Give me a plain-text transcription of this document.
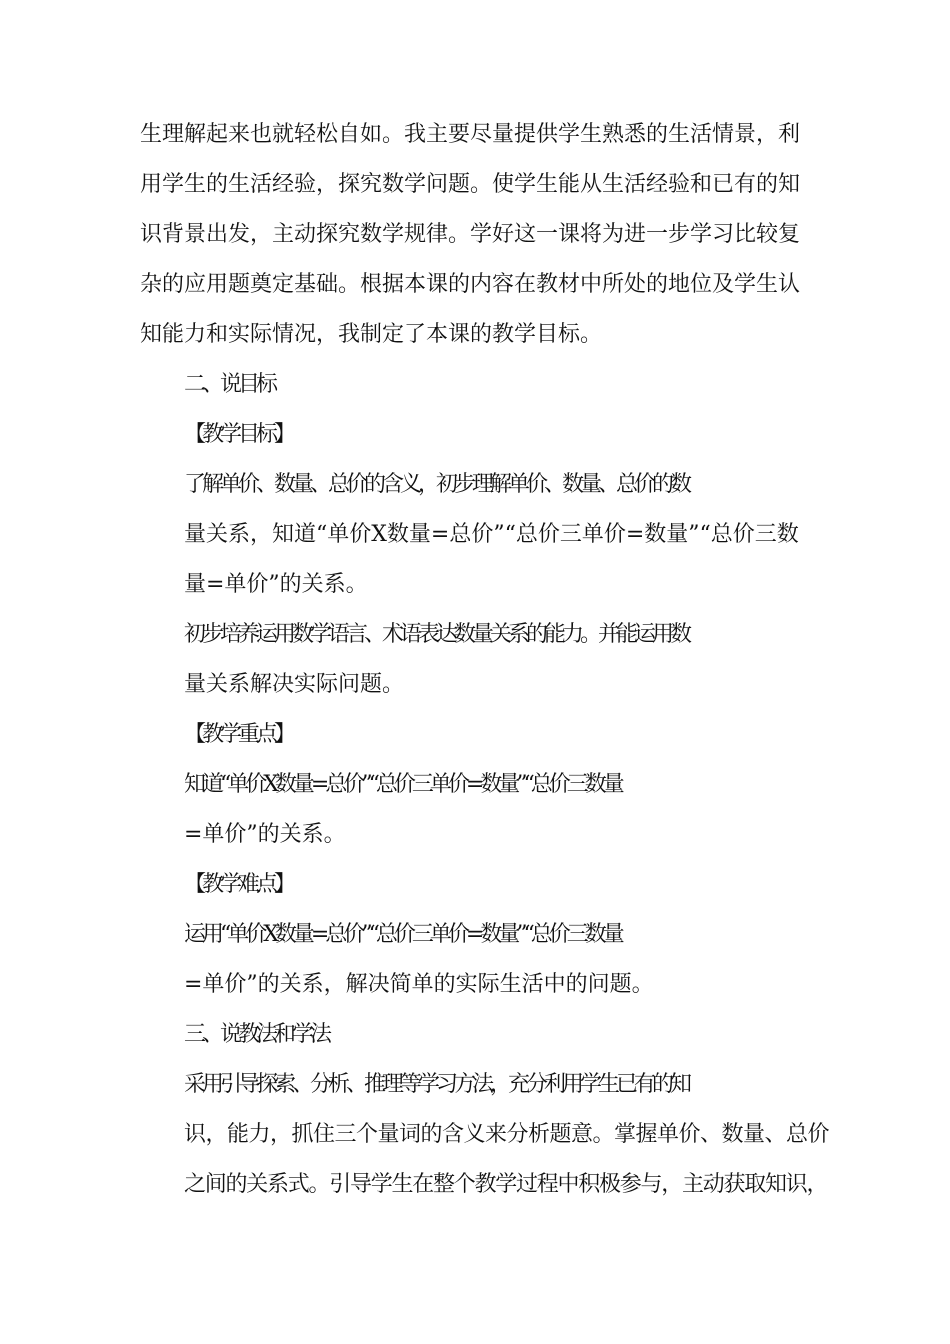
生理解起来也就轻松自如。我主要尽量提供学生熟悉的生活情景，利
用学生的生活经验，探究数学问题。使学生能从生活经验和已有的知
识背景出发，主动探究数学规律。学好这一课将为进一步学习比较复
杂的应用题奠定基础。根据本课的内容在教材中所处的地位及学生认
知能力和实际情况，我制定了本课的教学目标。

二、说目标

【教学目标】

了解单价、数量、总价的含义，初步理解单价、数量、总价的数
量关系，知道“单价X数量=总价”“总价三单价=数量”“总价三数
量=单价”的关系。

初步培养运用数学语言、术语表达数量关系的能力。并能运用数
量关系解决实际问题。

【教学重点】

知道“单价X数量=总价”“总价三单价=数量”“总价三数量
=单价”的关系。

【教学难点】

运用“单价X数量=总价”“总价三单价=数量”“总价三数量
=单价”的关系，解决简单的实际生活中的问题。

三、说教法和学法

采用引导探索、分析、推理等学习方法，充分利用学生已有的知
识，能力，抓住三个量词的含义来分析题意。掌握单价、数量、总价
之间的关系式。引导学生在整个教学过程中积极参与，主动获取知识，
